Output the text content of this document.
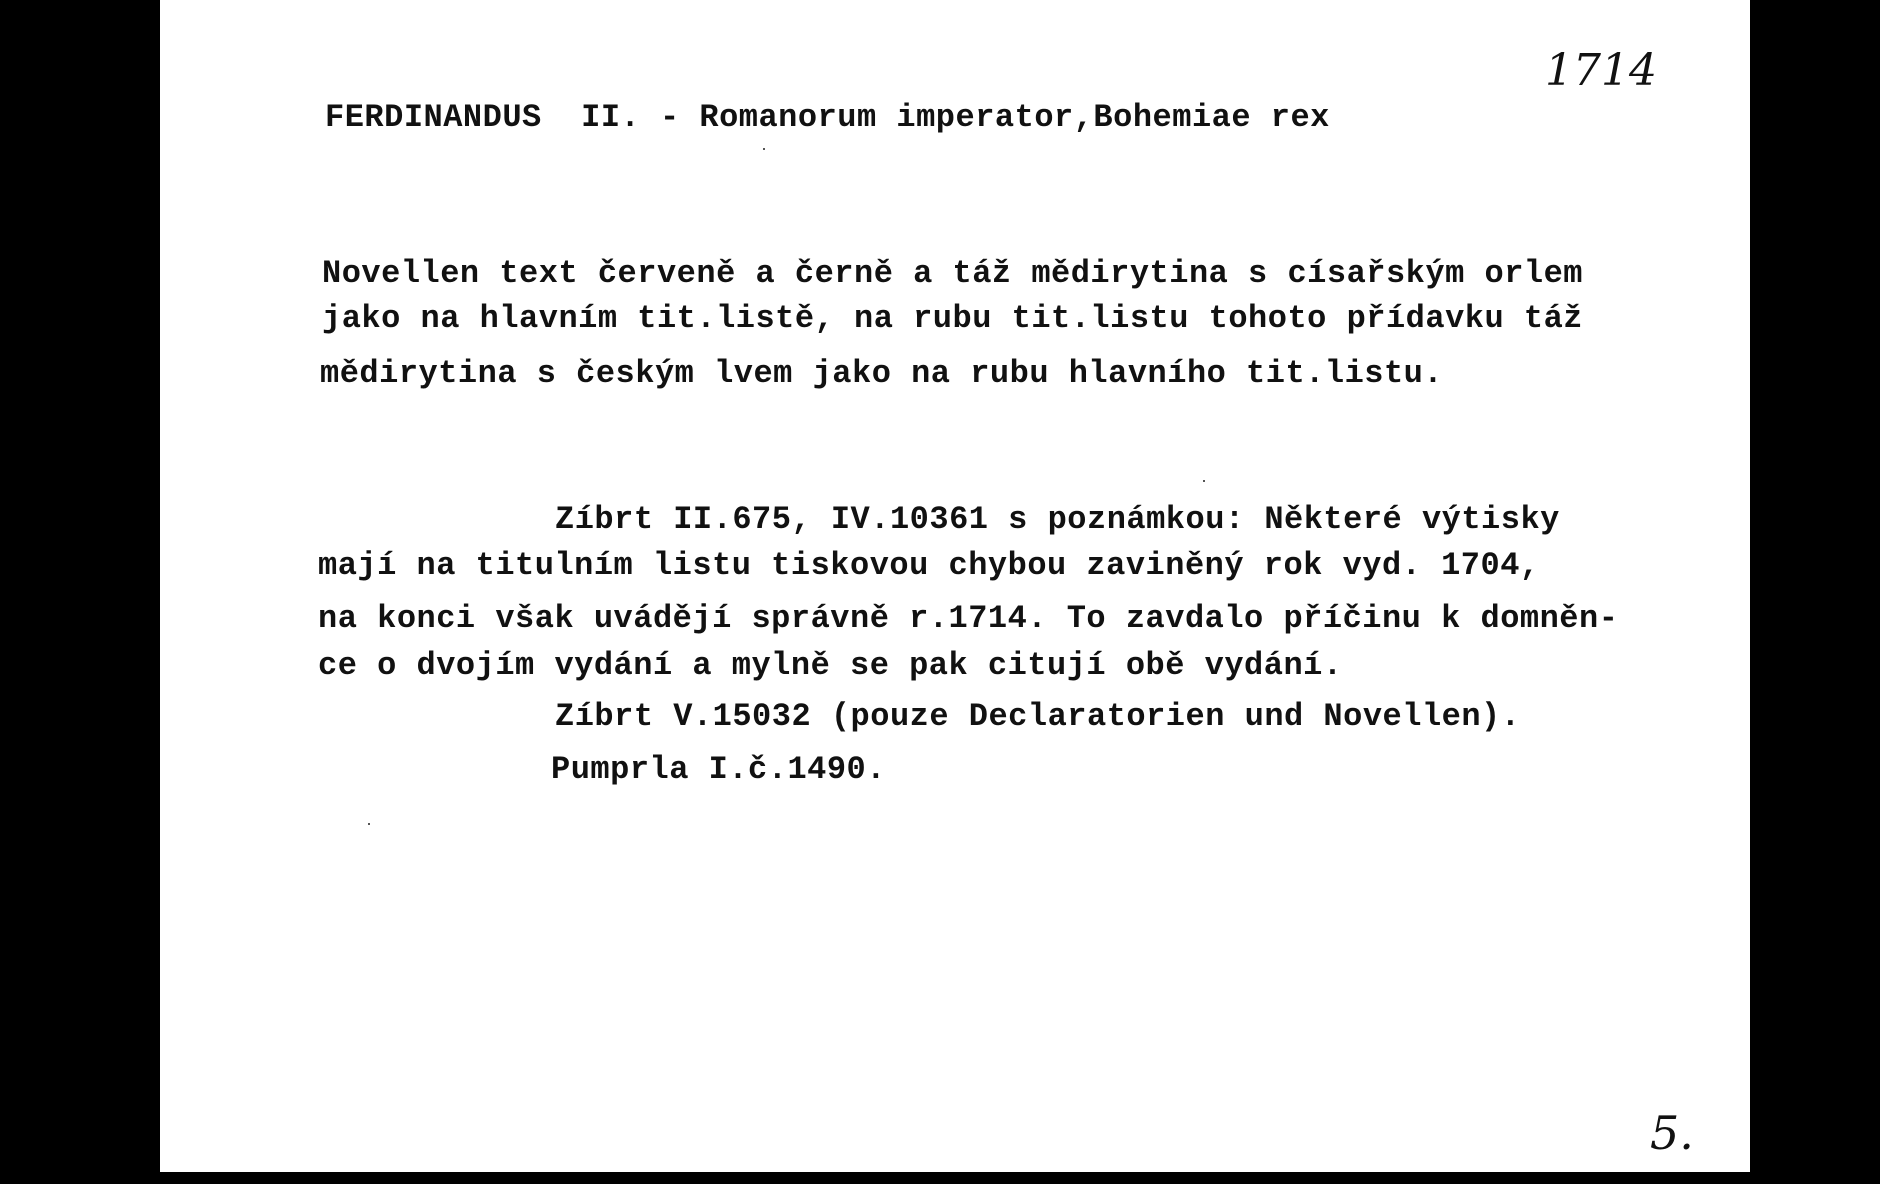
1714
FERDINANDUS  II. - Romanorum imperator,Bohemiae rex
Novellen text červeně a černě a táž mědirytina s císařským orlem
jako na hlavním tit.listě, na rubu tit.listu tohoto přídavku táž
mědirytina s českým lvem jako na rubu hlavního tit.listu.
Zíbrt II.675, IV.10361 s poznámkou: Některé výtisky
mají na titulním listu tiskovou chybou zaviněný rok vyd. 1704,
na konci však uvádějí správně r.1714. To zavdalo příčinu k domněn-
ce o dvojím vydání a mylně se pak citují obě vydání.
Zíbrt V.15032 (pouze Declaratorien und Novellen).
Pumprla I.č.1490.
5.
